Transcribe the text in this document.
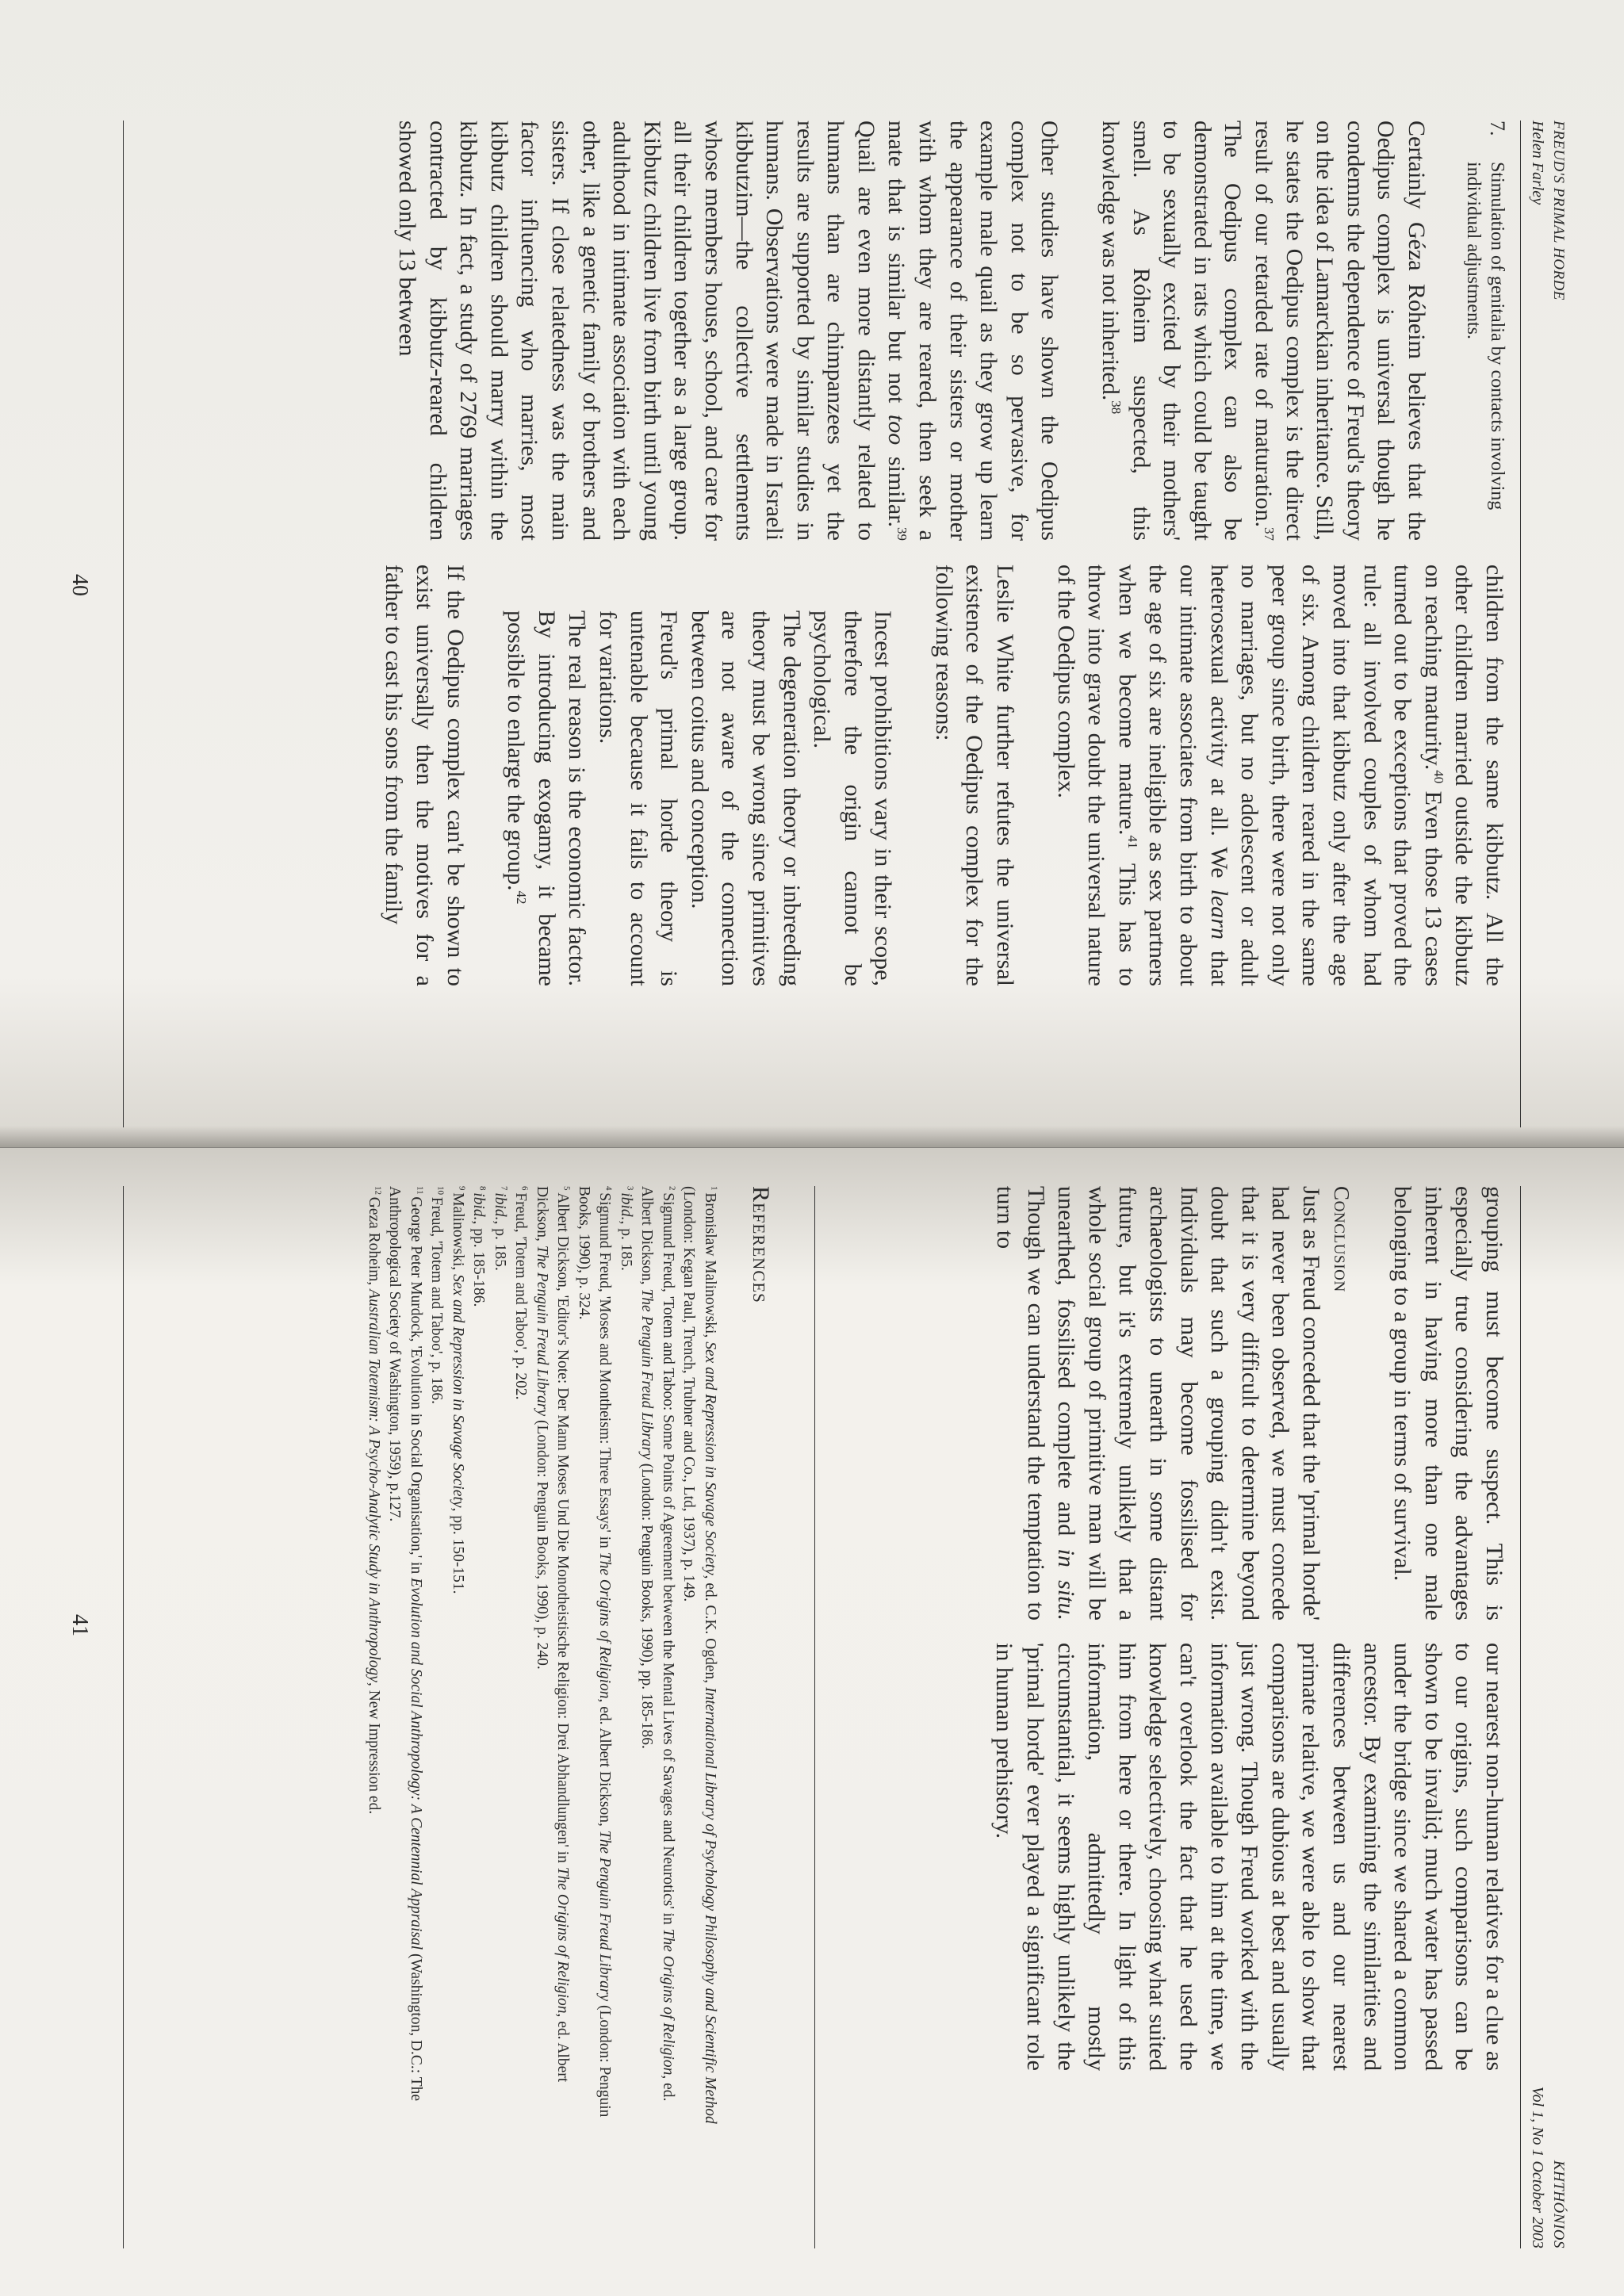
FREUD'S PRIMAL HORDE
Helen Farley
7.
Stimulation of genitalia by contacts involving individual adjustments.

Certainly Géza Róheim believes that the Oedipus complex is universal though he condemns the dependence of Freud's theory on the idea of Lamarckian inheritance. Still, he states the Oedipus complex is the direct result of our retarded rate of maturation.$^{37}$ The Oedipus complex can also be demonstrated in rats which could be taught to be sexually excited by their mothers' smell. As Róheim suspected, this knowledge was not inherited.$^{38}$

Other studies have shown the Oedipus complex not to be so pervasive, for example male quail as they grow up learn the appearance of their sisters or mother with whom they are reared, then seek a mate that is similar but not too similar.$^{39}$ Quail are even more distantly related to humans than are chimpanzees yet the results are supported by similar studies in humans. Observations were made in Israeli kibbutzim—the collective settlements whose members house, school, and care for all their children together as a large group. Kibbutz children live from birth until young adulthood in intimate association with each other, like a genetic family of brothers and sisters. If close relatedness was the main factor influencing who marries, most kibbutz children should marry within the kibbutz. In fact, a study of 2769 marriages contracted by kibbutz-reared children showed only 13 between

children from the same kibbutz. All the other children married outside the kibbutz on reaching maturity.$^{40}$ Even those 13 cases turned out to be exceptions that proved the rule: all involved couples of whom had moved into that kibbutz only after the age of six. Among children reared in the same peer group since birth, there were not only no marriages, but no adolescent or adult heterosexual activity at all. We learn that our intimate associates from birth to about the age of six are ineligible as sex partners when we become mature.$^{41}$ This has to throw into grave doubt the universal nature of the Oedipus complex.

Leslie White further refutes the universal existence of the Oedipus complex for the following reasons:

Incest prohibitions vary in their scope, therefore the origin cannot be psychological.

The degeneration theory or inbreeding theory must be wrong since primitives are not aware of the connection between coitus and conception.

Freud's primal horde theory is untenable because it fails to account for variations.

The real reason is the economic factor. By introducing exogamy, it became possible to enlarge the group.$^{42}$

If the Oedipus complex can't be shown to exist universally then the motives for a father to cast his sons from the family

40
KHTHÓNIOS
Vol 1, No 1 October 2003

grouping must become suspect. This is especially true considering the advantages inherent in having more than one male belonging to a group in terms of survival.

Conclusion

Just as Freud conceded that the 'primal horde' had never been observed, we must concede that it is very difficult to determine beyond doubt that such a grouping didn't exist. Individuals may become fossilised for archaeologists to unearth in some distant future, but it's extremely unlikely that a whole social group of primitive man will be unearthed, fossilised complete and in situ. Though we can understand the temptation to turn to

our nearest non-human relatives for a clue as to our origins, such comparisons can be shown to be invalid; much water has passed under the bridge since we shared a common ancestor. By examining the similarities and differences between us and our nearest primate relative, we were able to show that comparisons are dubious at best and usually just wrong. Though Freud worked with the information available to him at the time, we can't overlook the fact that he used the knowledge selectively, choosing what suited him from here or there. In light of this information, admittedly mostly circumstantial, it seems highly unlikely the 'primal horde' ever played a significant role in human prehistory.

References

$^1$ Bronislaw Malinowski, Sex and Repression in Savage Society, ed. C.K. Ogden, International Library of Psychology Philosophy and Scientific Method (London: Kegan Paul, Trench, Trubner and Co., Ltd, 1937), p. 149.

$^2$ Sigmund Freud, 'Totem and Taboo: Some Points of Agreement between the Mental Lives of Savages and Neurotics' in The Origins of Religion, ed. Albert Dickson, The Penguin Freud Library (London: Penguin Books, 1990), pp. 185-186.

$^3$ ibid., p. 185.

$^4$ Sigmund Freud, 'Moses and Montheism: Three Essays' in The Origins of Religion, ed. Albert Dickson, The Penguin Freud Library (London: Penguin Books, 1990), p. 324.

$^5$ Albert Dickson, 'Editor's Note: Der Mann Moses Und Die Monotheistische Religion: Drei Abhandlungen' in The Origins of Religion, ed. Albert Dickson, The Penguin Freud Library (London: Penguin Books, 1990), p. 240.

$^6$ Freud, 'Totem and Taboo', p. 202.

$^7$ ibid., p. 185.

$^8$ ibid., pp. 185-186.

$^9$ Malinowski, Sex and Repression in Savage Society, pp. 150-151.

$^{10}$ Freud, 'Totem and Taboo', p. 186.

$^{11}$ George Peter Murdock, 'Evolution in Social Organisation,' in Evolution and Social Anthropology: A Centennial Appraisal (Washington, D.C.: The Anthropological Society of Washington, 1959), p.127.

$^{12}$ Geza Roheim, Australian Totemism: A Psycho-Analytic Study in Anthropology, New Impression ed.

41
